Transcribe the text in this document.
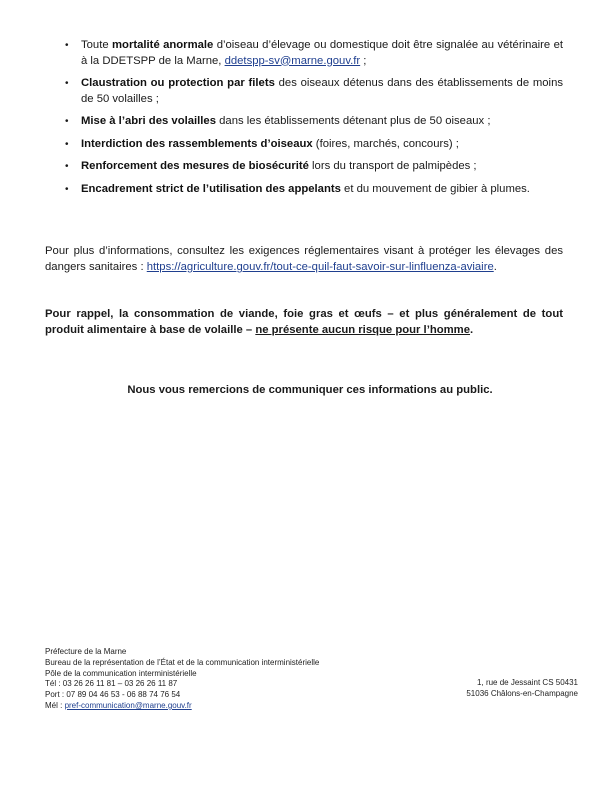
• Toute mortalité anormale d’oiseau d’élevage ou domestique doit être signalée au vétérinaire et à la DDETSPP de la Marne, ddetspp-sv@marne.gouv.fr ;
• Claustration ou protection par filets des oiseaux détenus dans des établissements de moins de 50 volailles ;
• Mise à l’abri des volailles dans les établissements détenant plus de 50 oiseaux ;
• Interdiction des rassemblements d’oiseaux (foires, marchés, concours) ;
• Renforcement des mesures de biosécurité lors du transport de palmipèdes ;
• Encadrement strict de l’utilisation des appelants et du mouvement de gibier à plumes.

Pour plus d’informations, consultez les exigences réglementaires visant à protéger les élevages des dangers sanitaires : https://agriculture.gouv.fr/tout-ce-quil-faut-savoir-sur-linfluenza-aviaire.

Pour rappel, la consommation de viande, foie gras et œufs – et plus généralement de tout produit alimentaire à base de volaille – ne présente aucun risque pour l’homme.

Nous vous remercions de communiquer ces informations au public.

Préfecture de la Marne
Bureau de la représentation de l’État et de la communication interministérielle
Pôle de la communication interministérielle
Tél : 03 26 26 11 81 – 03 26 26 11 87
Port : 07 89 04 46 53 - 06 88 74 76 54
Mél : pref-communication@marne.gouv.fr
1, rue de Jessaint CS 50431
51036 Châlons-en-Champagne
